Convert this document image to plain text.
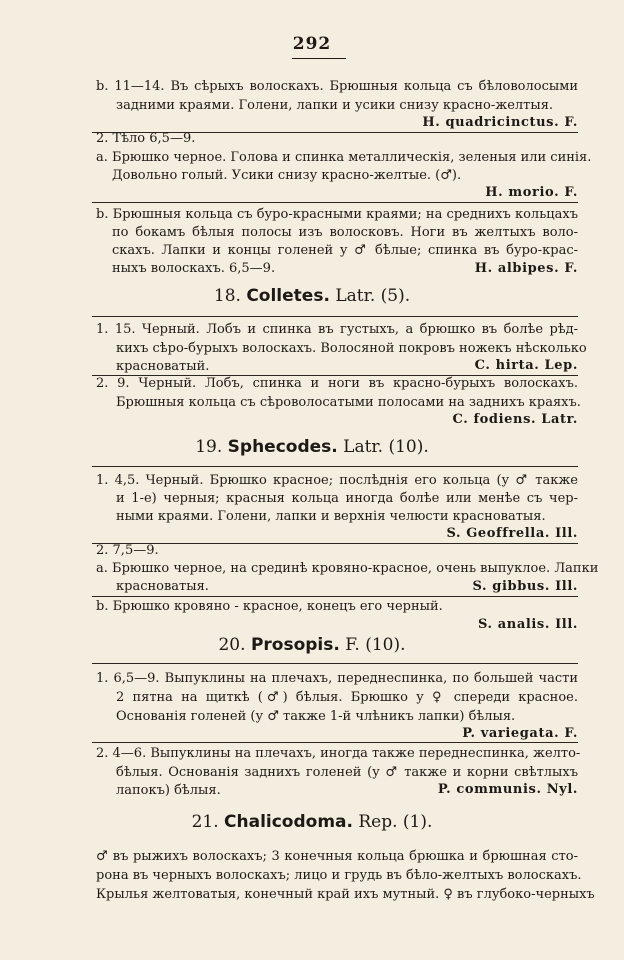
292
b. 11—14. Въ сѣрыхъ волоскахъ. Брюшныя кольца съ бѣловолосыми
задними краями. Голени, лапки и усики снизу красно-желтыя.
H. quadricinctus. F.
2. Тѣло 6,5—9.
a. Брюшко черное. Голова и спинка металлическія, зеленыя или синія.
Довольно голый. Усики снизу красно-желтые. (♂).
H. morio. F.
b. Брюшныя кольца съ буро-красными краями; на среднихъ кольцахъ
по бокамъ бѣлыя полосы изъ волосковъ. Ноги въ желтыхъ воло-
скахъ. Лапки и концы голеней у ♂ бѣлые; спинка въ буро-крас-
ныхъ волоскахъ. 6,5—9.	H. albipes. F.
18. Colletes. Latr. (5).
1. 15. Черный. Лобъ и спинка въ густыхъ, а брюшко въ болѣе рѣд-
кихъ сѣро-бурыхъ волоскахъ. Волосяной покровъ ножекъ нѣсколько
красноватый.	C. hirta. Lep.
2. 9. Черный. Лобъ, спинка и ноги въ красно-бурыхъ волоскахъ.
Брюшныя кольца съ сѣроволосатыми полосами на заднихъ краяхъ.
C. fodiens. Latr.
19. Sphecodes. Latr. (10).
1. 4,5. Черный. Брюшко красное; послѣднія его кольца (у ♂ также
и 1-е) черныя; красныя кольца иногда болѣе или менѣе съ чер-
ными краями. Голени, лапки и верхнія челюсти красноватыя.
S. Geoffrella. Ill.
2. 7,5—9.
a. Брюшко черное, на срединѣ кровяно-красное, очень выпуклое. Лапки
красноватыя.	S. gibbus. Ill.
b. Брюшко кровяно - красное, конецъ его черный.
S. analis. Ill.
20. Prosopis. F. (10).
1. 6,5—9. Выпуклины на плечахъ, переднеспинка, по большей части
2 пятна на щиткѣ (♂) бѣлыя. Брюшко у ♀ спереди красное.
Основанія голеней (у ♂ также 1-й члѣникъ лапки) бѣлыя.
P. variegata. F.
2. 4—6. Выпуклины на плечахъ, иногда также переднеспинка, желто-
бѣлыя. Основанія заднихъ голеней (у ♂ также и корни свѣтлыхъ
лапокъ) бѣлыя.	P. communis. Nyl.
21. Chalicodoma. Rep. (1).
♂ въ рыжихъ волоскахъ; 3 конечныя кольца брюшка и брюшная сто-
рона въ черныхъ волоскахъ; лицо и грудь въ бѣло-желтыхъ волоскахъ.
Крылья желтоватыя, конечный край ихъ мутный. ♀ въ глубоко-черныхъ
